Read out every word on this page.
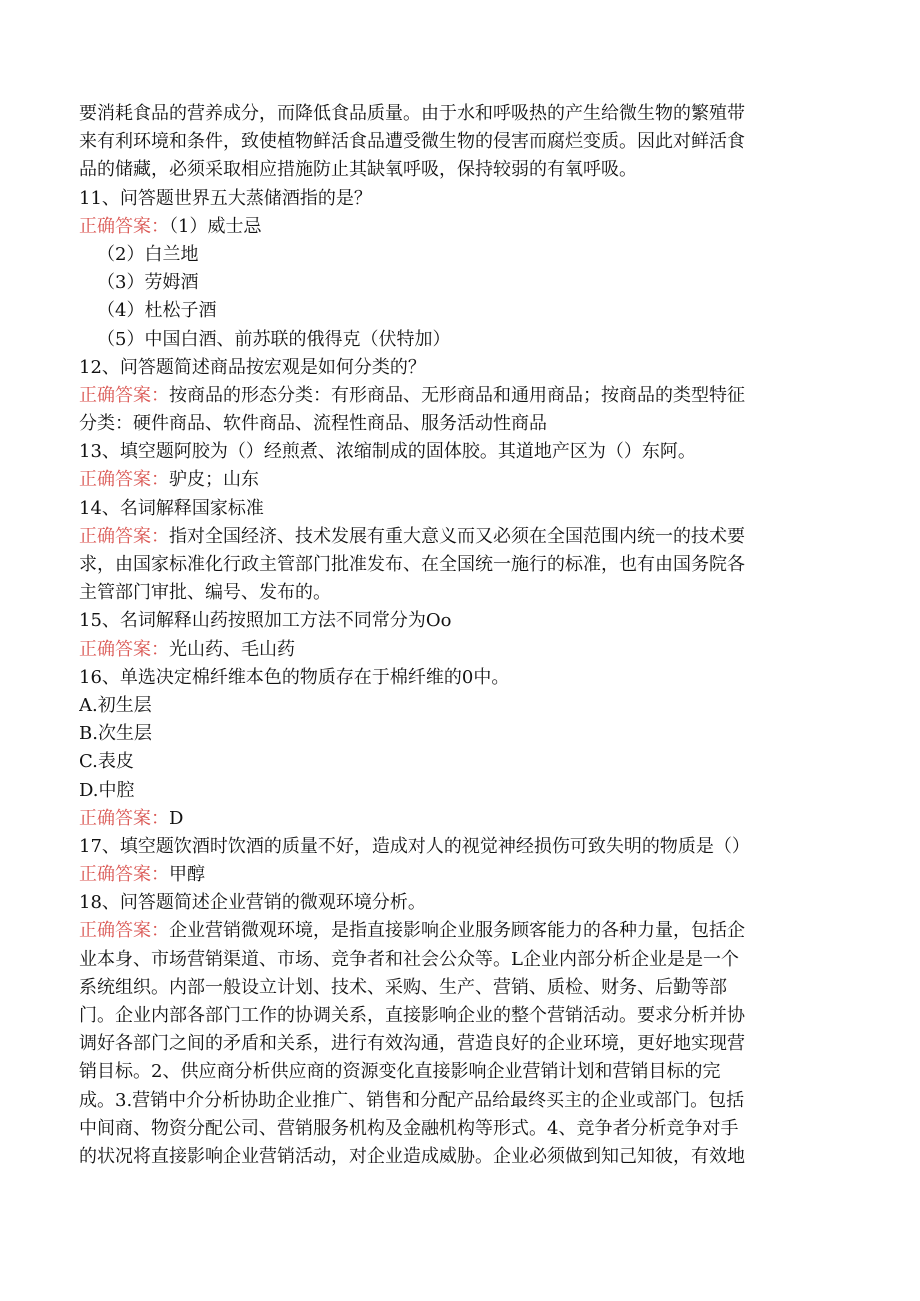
要消耗食品的营养成分，而降低食品质量。由于水和呼吸热的产生给微生物的繁殖带
来有利环境和条件，致使植物鲜活食品遭受微生物的侵害而腐烂变质。因此对鲜活食
品的储藏，必须采取相应措施防止其缺氧呼吸，保持较弱的有氧呼吸。
11、问答题世界五大蒸储酒指的是？
正确答案：（1）威士忌
（2）白兰地
（3）劳姆酒
（4）杜松子酒
（5）中国白酒、前苏联的俄得克（伏特加）
12、问答题简述商品按宏观是如何分类的？
正确答案：按商品的形态分类：有形商品、无形商品和通用商品；按商品的类型特征
分类：硬件商品、软件商品、流程性商品、服务活动性商品
13、填空题阿胶为（）经煎煮、浓缩制成的固体胶。其道地产区为（）东阿。
正确答案：驴皮；山东
14、名词解释国家标准
正确答案：指对全国经济、技术发展有重大意义而又必须在全国范围内统一的技术要
求，由国家标准化行政主管部门批准发布、在全国统一施行的标准，也有由国务院各
主管部门审批、编号、发布的。
15、名词解释山药按照加工方法不同常分为Oo
正确答案：光山药、毛山药
16、单选决定棉纤维本色的物质存在于棉纤维的0中。
A.初生层
B.次生层
C.表皮
D.中腔
正确答案：D
17、填空题饮酒时饮酒的质量不好，造成对人的视觉神经损伤可致失明的物质是（）
正确答案：甲醇
18、问答题简述企业营销的微观环境分析。
正确答案：企业营销微观环境，是指直接影响企业服务顾客能力的各种力量，包括企
业本身、市场营销渠道、市场、竞争者和社会公众等。L企业内部分析企业是是一个
系统组织。内部一般设立计划、技术、采购、生产、营销、质检、财务、后勤等部
门。企业内部各部门工作的协调关系，直接影响企业的整个营销活动。要求分析并协
调好各部门之间的矛盾和关系，进行有效沟通，营造良好的企业环境，更好地实现营
销目标。2、供应商分析供应商的资源变化直接影响企业营销计划和营销目标的完
成。3.营销中介分析协助企业推广、销售和分配产品给最终买主的企业或部门。包括
中间商、物资分配公司、营销服务机构及金融机构等形式。4、竞争者分析竞争对手
的状况将直接影响企业营销活动，对企业造成威胁。企业必须做到知己知彼，有效地
